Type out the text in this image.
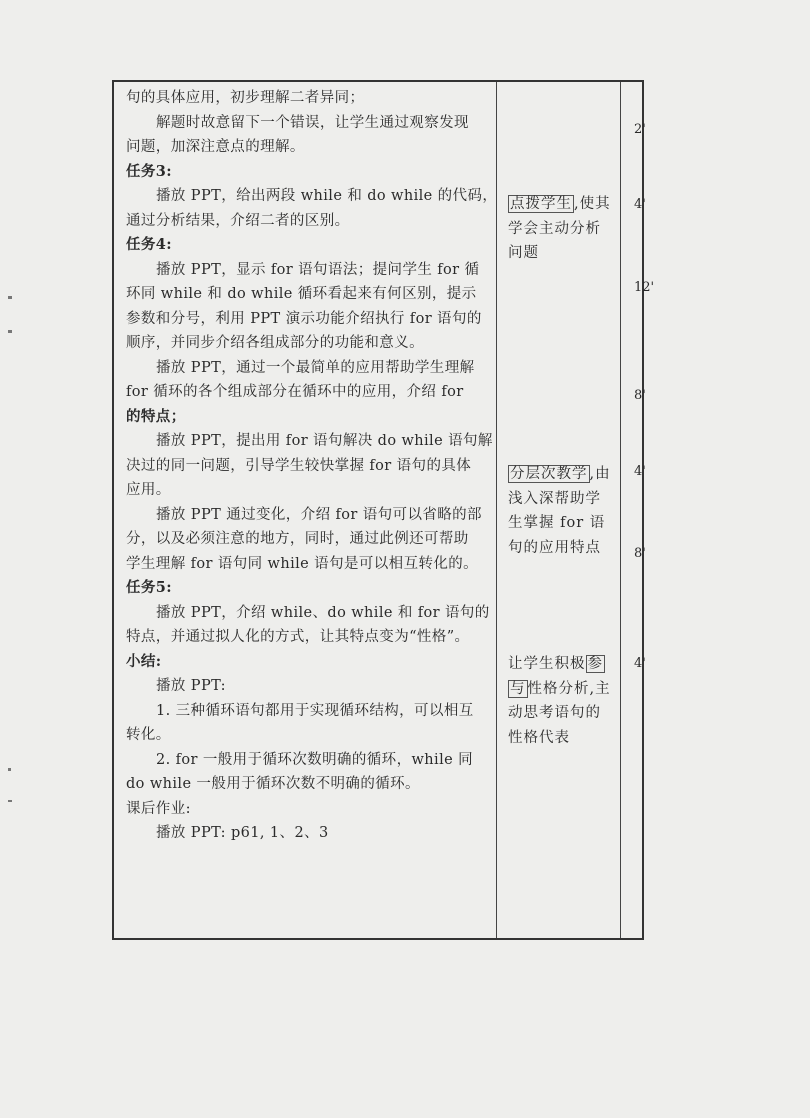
句的具体应用，初步理解二者异同；
解题时故意留下一个错误，让学生通过观察发现
问题，加深注意点的理解。
任务3:
播放 PPT，给出两段 while 和 do while 的代码，
通过分析结果，介绍二者的区别。
任务4:
播放 PPT，显示 for 语句语法；提问学生 for 循
环同 while 和 do while 循环看起来有何区别，提示
参数和分号，利用 PPT 演示功能介绍执行 for 语句的
顺序，并同步介绍各组成部分的功能和意义。
播放 PPT，通过一个最简单的应用帮助学生理解
for 循环的各个组成部分在循环中的应用，介绍 for
的特点；
播放 PPT，提出用 for 语句解决 do while 语句解
决过的同一问题，引导学生较快掌握 for 语句的具体
应用。
播放 PPT 通过变化，介绍 for 语句可以省略的部
分，以及必须注意的地方，同时，通过此例还可帮助
学生理解 for 语句同 while 语句是可以相互转化的。
任务5:
播放 PPT，介绍 while、do while 和 for 语句的
特点，并通过拟人化的方式，让其特点变为“性格”。
小结:
播放 PPT:
1. 三种循环语句都用于实现循环结构，可以相互
转化。
2. for 一般用于循环次数明确的循环，while 同
do while 一般用于循环次数不明确的循环。
课后作业:
播放 PPT: p61, 1、2、3
点拨学生 ,使其
学会主动分析
问题
分层次教学 ,由
浅入深帮助学
生掌握 for 语
句的应用特点
让学生积极 参
与 性格分析,主
动思考语句的
性格代表
2'
4'
12'
8'
4'
8'
4'
